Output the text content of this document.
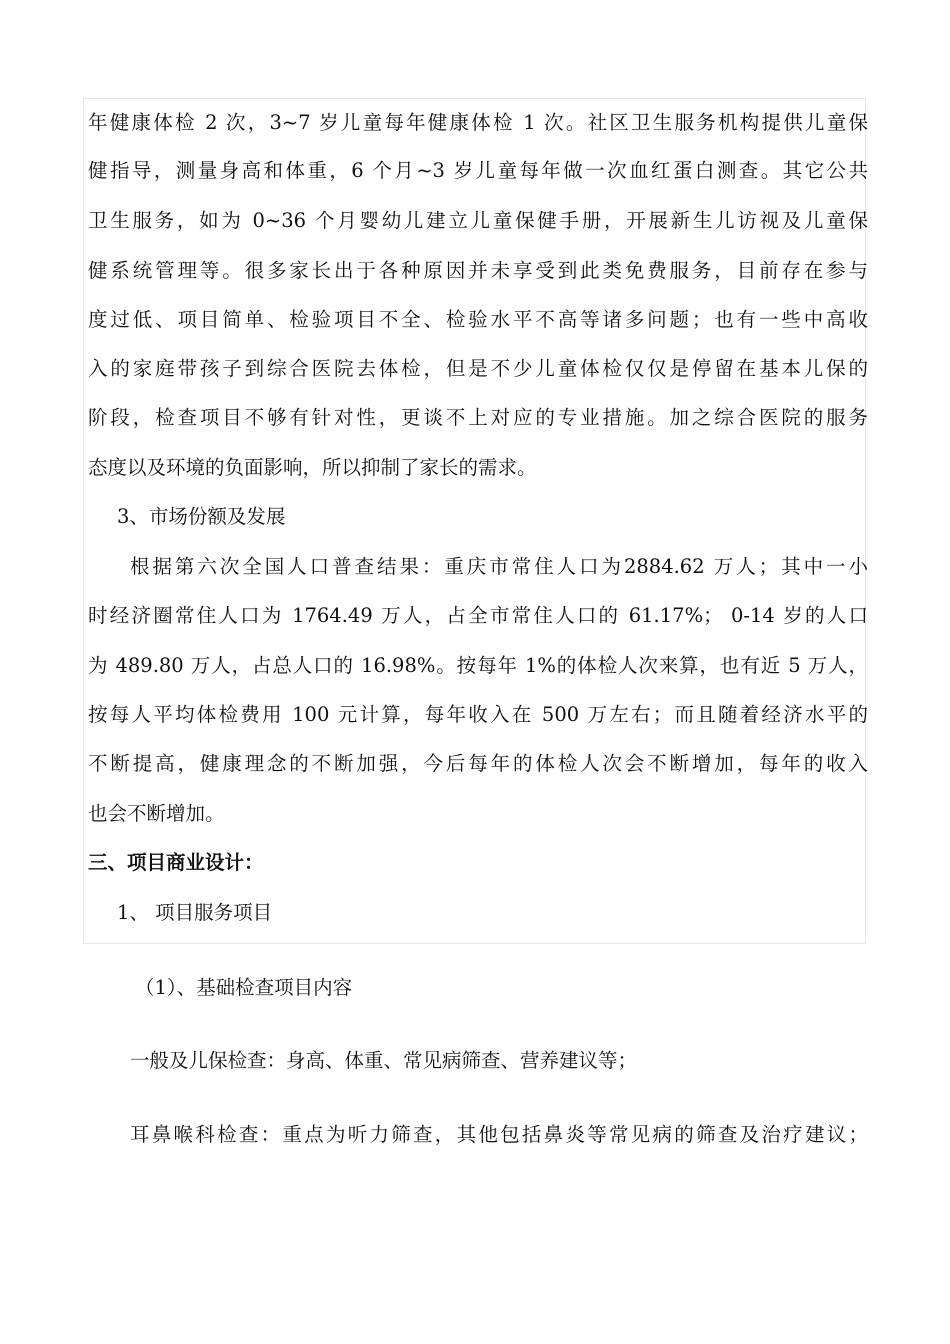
年健康体检 2 次，3~7 岁儿童每年健康体检 1 次。社区卫生服务机构提供儿童保
健指导，测量身高和体重，6 个月~3 岁儿童每年做一次血红蛋白测查。其它公共
卫生服务，如为 0~36 个月婴幼儿建立儿童保健手册，开展新生儿访视及儿童保
健系统管理等。很多家长出于各种原因并未享受到此类免费服务，目前存在参与
度过低、项目简单、检验项目不全、检验水平不高等诸多问题；也有一些中高收
入的家庭带孩子到综合医院去体检，但是不少儿童体检仅仅是停留在基本儿保的
阶段，检查项目不够有针对性，更谈不上对应的专业措施。加之综合医院的服务
态度以及环境的负面影响，所以抑制了家长的需求。
3、市场份额及发展
根据第六次全国人口普查结果：重庆市常住人口为2884.62 万人；其中一小
时经济圈常住人口为 1764.49 万人，占全市常住人口的 61.17%； 0-14 岁的人口
为 489.80 万人，占总人口的 16.98%。按每年 1%的体检人次来算，也有近 5 万人，
按每人平均体检费用 100 元计算，每年收入在 500 万左右；而且随着经济水平的
不断提高，健康理念的不断加强，今后每年的体检人次会不断增加，每年的收入
也会不断增加。
三、项目商业设计：
1、 项目服务项目
（1）、基础检查项目内容
一般及儿保检查：身高、体重、常见病筛查、营养建议等；
耳鼻喉科检查：重点为听力筛查，其他包括鼻炎等常见病的筛查及治疗建议；
